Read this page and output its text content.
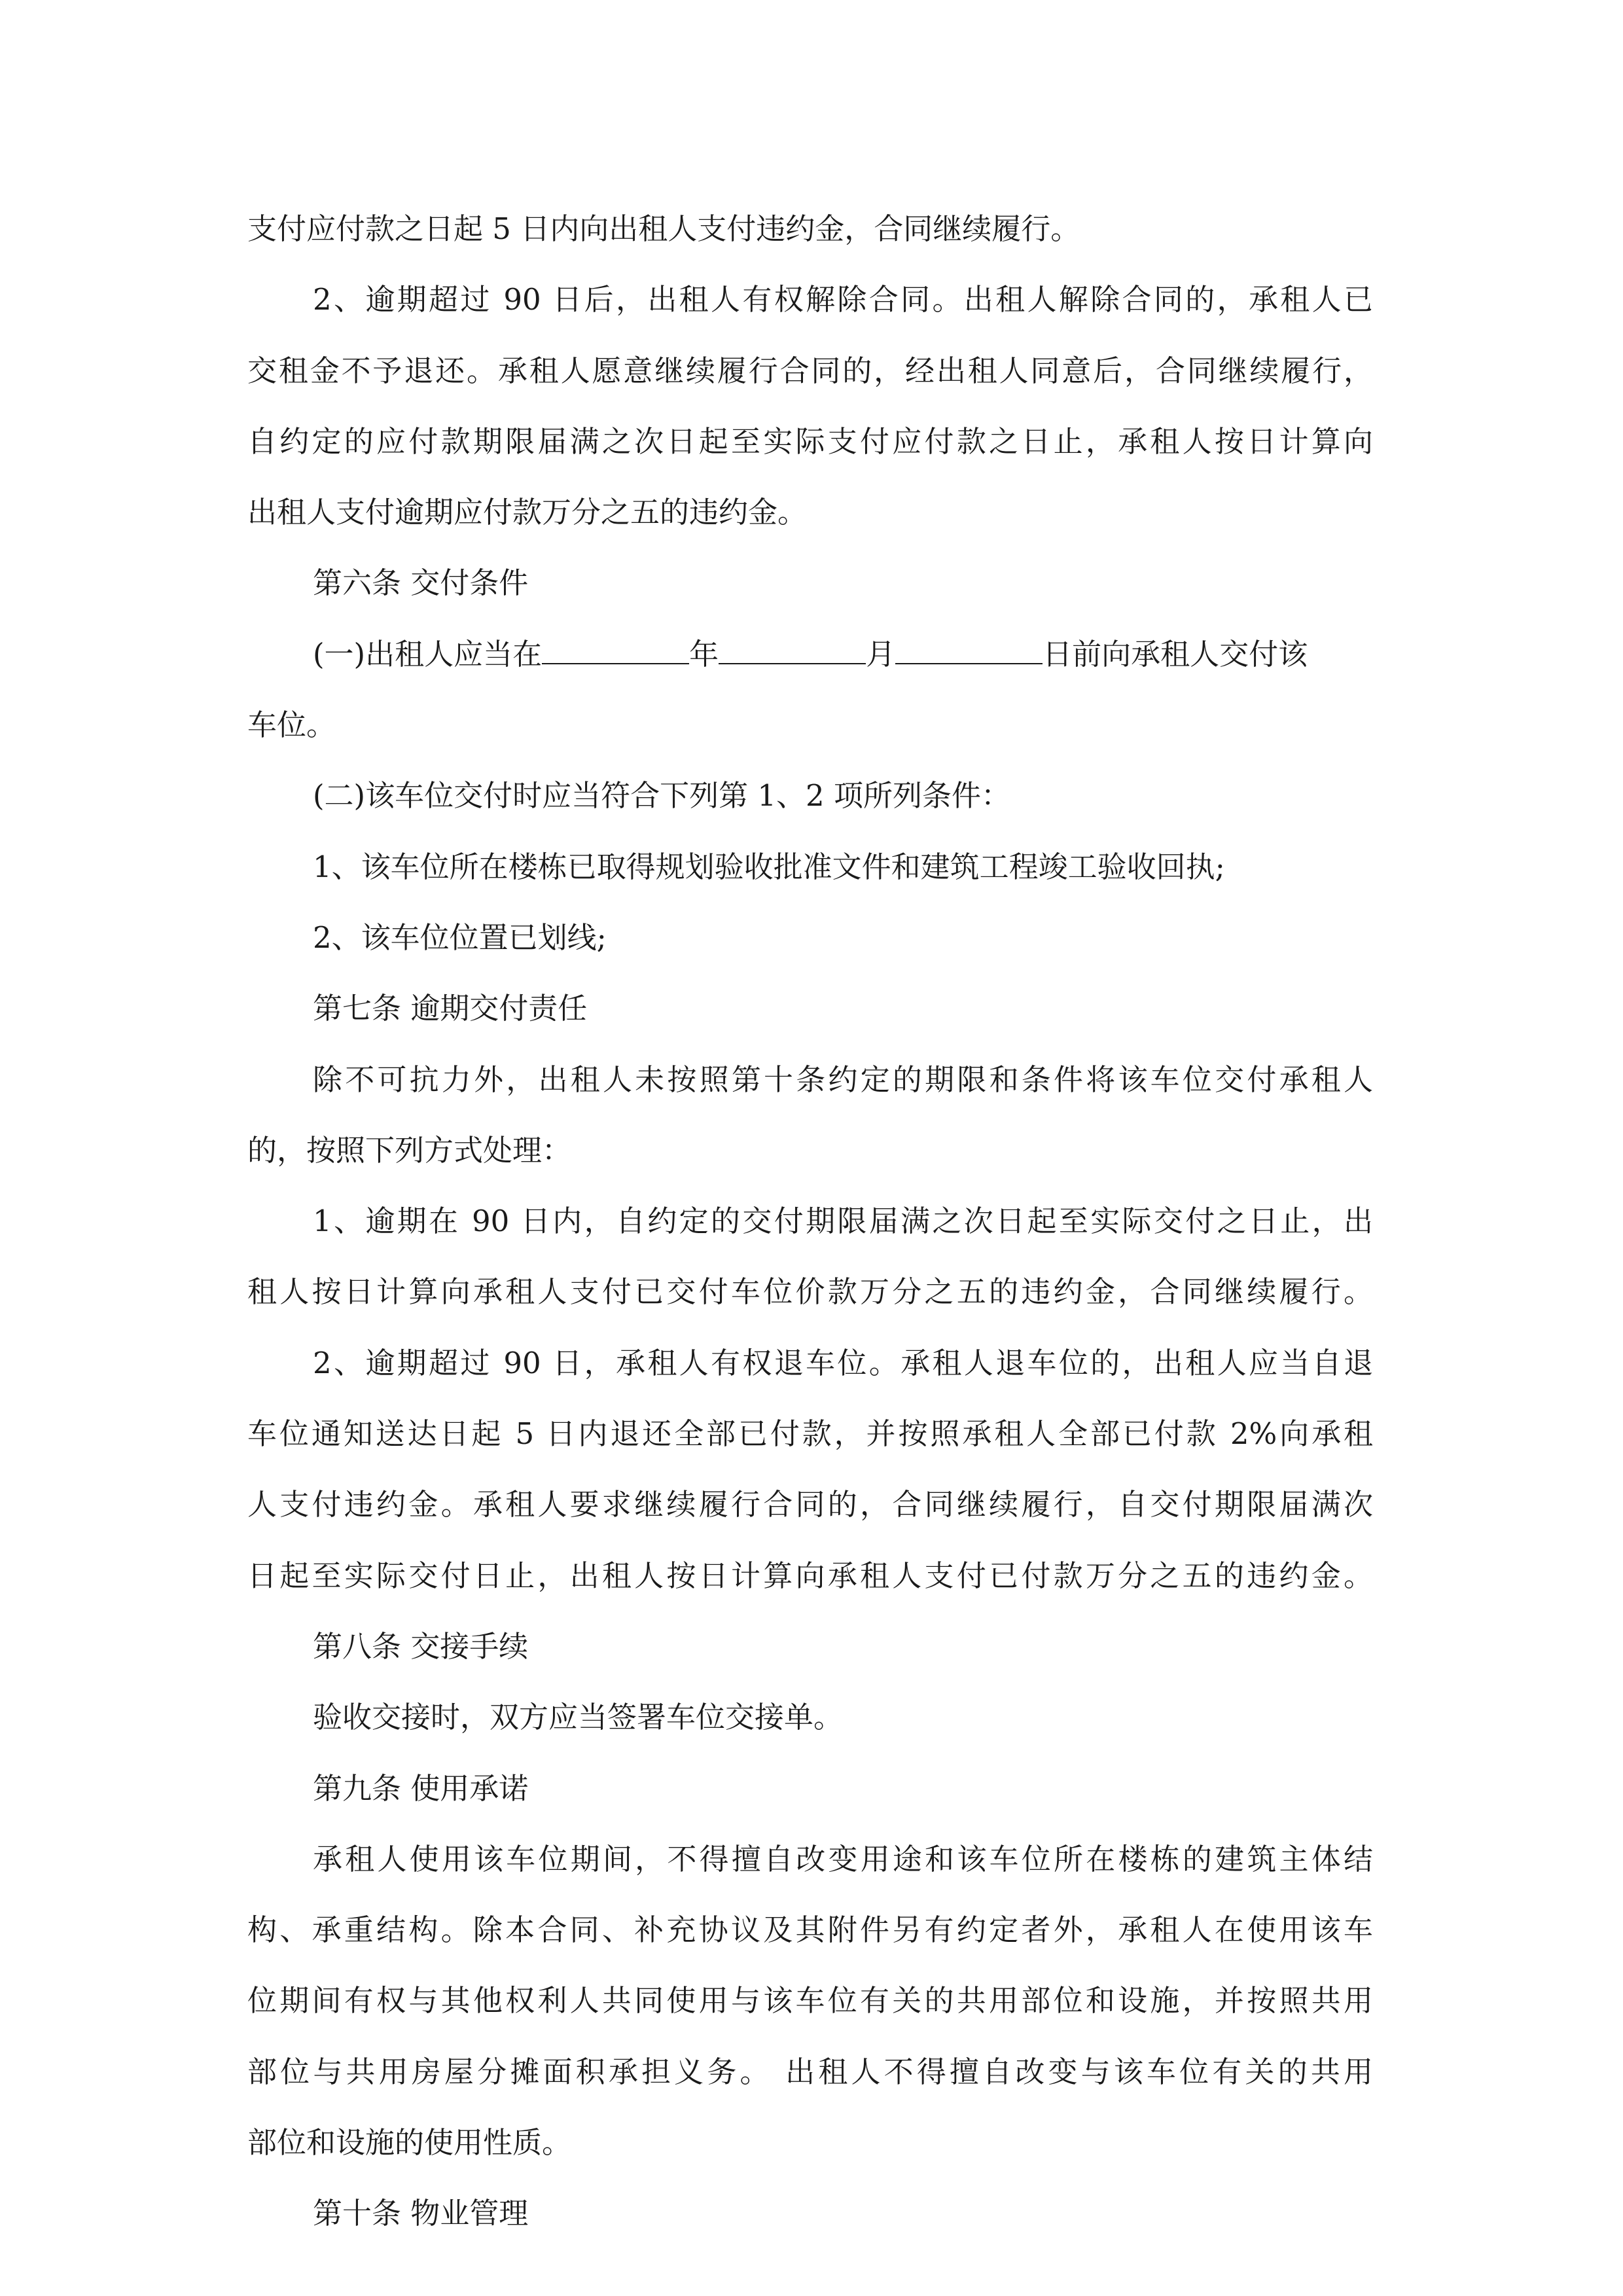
支付应付款之日起 5 日内向出租人支付违约金，合同继续履行。
2、逾期超过 90 日后，出租人有权解除合同。出租人解除合同的，承租人已
交租金不予退还。承租人愿意继续履行合同的，经出租人同意后，合同继续履行，
自约定的应付款期限届满之次日起至实际支付应付款之日止，承租人按日计算向
出租人支付逾期应付款万分之五的违约金。
第六条 交付条件
(一)出租人应当在	年	月	日前向承租人交付该
车位。
(二)该车位交付时应当符合下列第 1、2 项所列条件：
1、该车位所在楼栋已取得规划验收批准文件和建筑工程竣工验收回执;
2、该车位位置已划线;
第七条 逾期交付责任
除不可抗力外，出租人未按照第十条约定的期限和条件将该车位交付承租人
的，按照下列方式处理：
1、逾期在 90 日内，自约定的交付期限届满之次日起至实际交付之日止，出
租人按日计算向承租人支付已交付车位价款万分之五的违约金，合同继续履行。
2、逾期超过 90 日，承租人有权退车位。承租人退车位的，出租人应当自退
车位通知送达日起 5 日内退还全部已付款，并按照承租人全部已付款 2%向承租
人支付违约金。承租人要求继续履行合同的，合同继续履行，自交付期限届满次
日起至实际交付日止，出租人按日计算向承租人支付已付款万分之五的违约金。
第八条 交接手续
验收交接时，双方应当签署车位交接单。
第九条 使用承诺
承租人使用该车位期间，不得擅自改变用途和该车位所在楼栋的建筑主体结
构、承重结构。除本合同、补充协议及其附件另有约定者外，承租人在使用该车
位期间有权与其他权利人共同使用与该车位有关的共用部位和设施，并按照共用
部位与共用房屋分摊面积承担义务。 出租人不得擅自改变与该车位有关的共用
部位和设施的使用性质。
第十条 物业管理
